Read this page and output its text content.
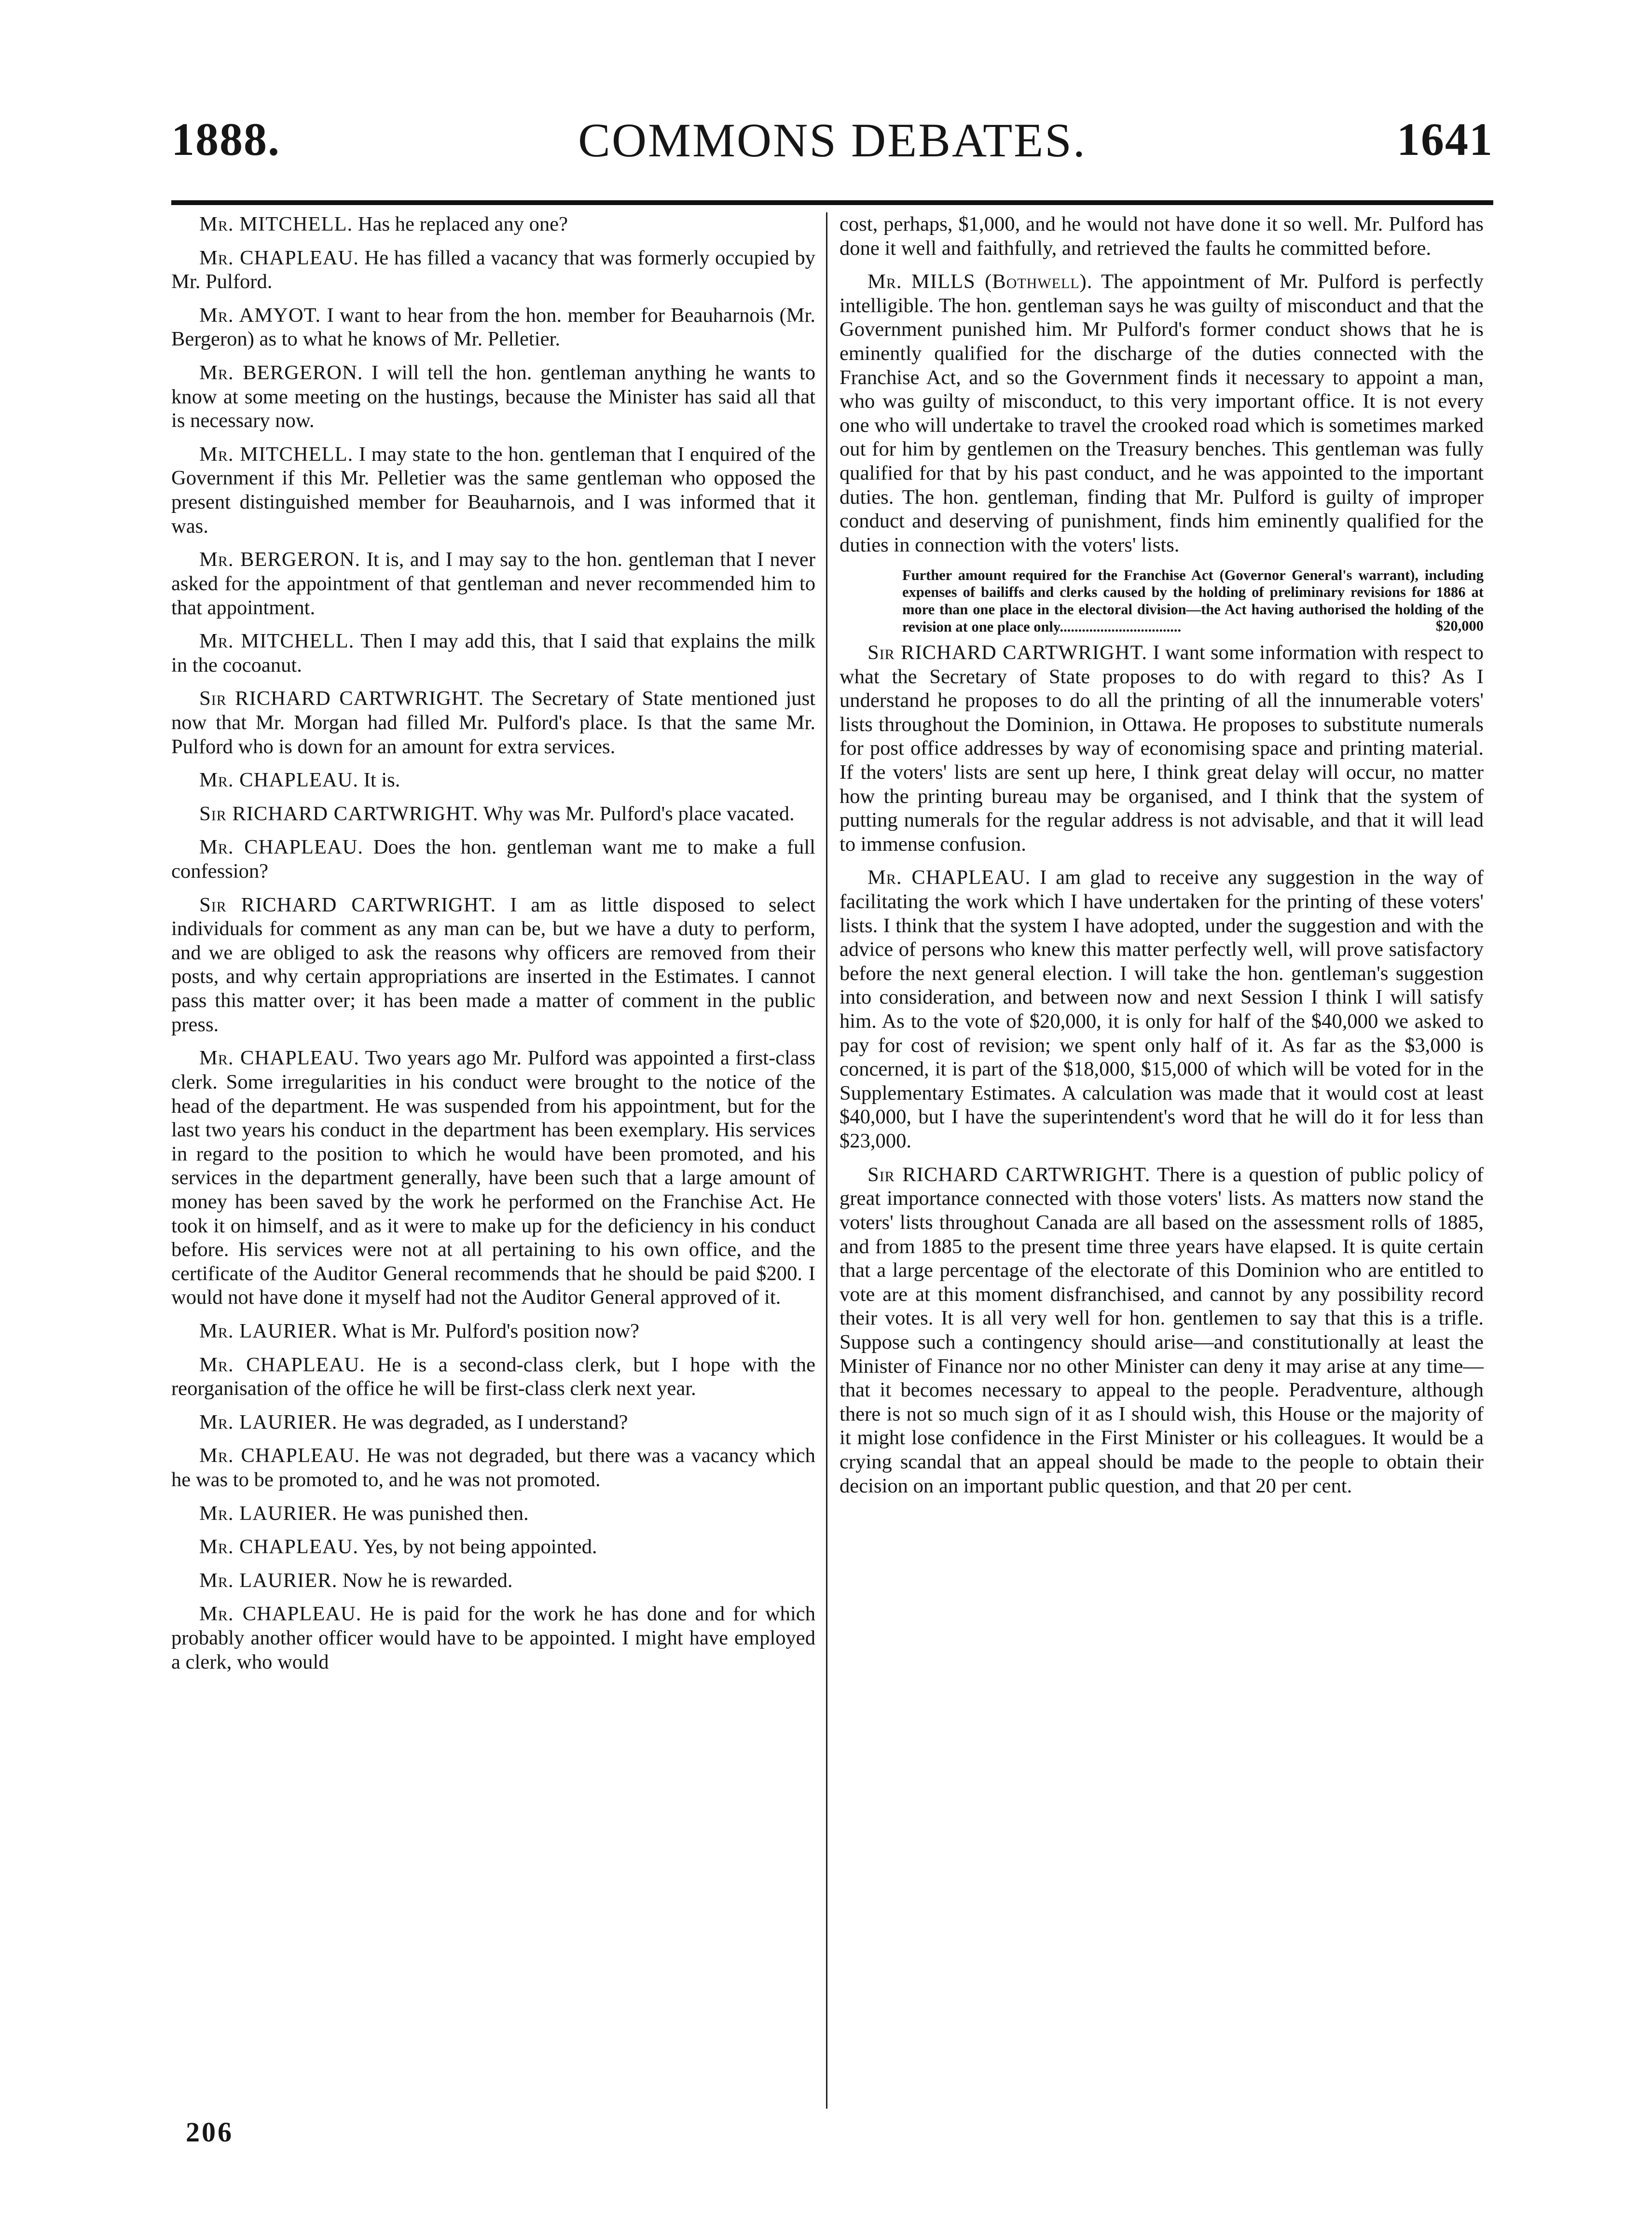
1888.	COMMONS DEBATES.	1641

Mr. MITCHELL. Has he replaced any one?

Mr. CHAPLEAU. He has filled a vacancy that was formerly occupied by Mr. Pulford.

Mr. AMYOT. I want to hear from the hon. member for Beauharnois (Mr. Bergeron) as to what he knows of Mr. Pelletier.

Mr. BERGERON. I will tell the hon. gentleman anything he wants to know at some meeting on the hustings, because the Minister has said all that is necessary now.

Mr. MITCHELL. I may state to the hon. gentleman that I enquired of the Government if this Mr. Pelletier was the same gentleman who opposed the present distinguished member for Beauharnois, and I was informed that it was.

Mr. BERGERON. It is, and I may say to the hon. gentleman that I never asked for the appointment of that gentleman and never recommended him to that appointment.

Mr. MITCHELL. Then I may add this, that I said that explains the milk in the cocoanut.

Sir RICHARD CARTWRIGHT. The Secretary of State mentioned just now that Mr. Morgan had filled Mr. Pulford's place. Is that the same Mr. Pulford who is down for an amount for extra services.

Mr. CHAPLEAU. It is.

Sir RICHARD CARTWRIGHT. Why was Mr. Pulford's place vacated.

Mr. CHAPLEAU. Does the hon. gentleman want me to make a full confession?

Sir RICHARD CARTWRIGHT. I am as little disposed to select individuals for comment as any man can be, but we have a duty to perform, and we are obliged to ask the reasons why officers are removed from their posts, and why certain appropriations are inserted in the Estimates. I cannot pass this matter over; it has been made a matter of comment in the public press.

Mr. CHAPLEAU. Two years ago Mr. Pulford was appointed a first-class clerk. Some irregularities in his conduct were brought to the notice of the head of the department. He was suspended from his appointment, but for the last two years his conduct in the department has been exemplary. His services in regard to the position to which he would have been promoted, and his services in the department generally, have been such that a large amount of money has been saved by the work he performed on the Franchise Act. He took it on himself, and as it were to make up for the deficiency in his conduct before. His services were not at all pertaining to his own office, and the certificate of the Auditor General recommends that he should be paid $200. I would not have done it myself had not the Auditor General approved of it.

Mr. LAURIER. What is Mr. Pulford's position now?

Mr. CHAPLEAU. He is a second-class clerk, but I hope with the reorganisation of the office he will be first-class clerk next year.

Mr. LAURIER. He was degraded, as I understand?

Mr. CHAPLEAU. He was not degraded, but there was a vacancy which he was to be promoted to, and he was not promoted.

Mr. LAURIER. He was punished then.

Mr. CHAPLEAU. Yes, by not being appointed.

Mr. LAURIER. Now he is rewarded.

Mr. CHAPLEAU. He is paid for the work he has done and for which probably another officer would have to be appointed. I might have employed a clerk, who would

cost, perhaps, $1,000, and he would not have done it so well. Mr. Pulford has done it well and faithfully, and retrieved the faults he committed before.

Mr. MILLS (Bothwell). The appointment of Mr. Pulford is perfectly intelligible. The hon. gentleman says he was guilty of misconduct and that the Government punished him. Mr Pulford's former conduct shows that he is eminently qualified for the discharge of the duties connected with the Franchise Act, and so the Government finds it necessary to appoint a man, who was guilty of misconduct, to this very important office. It is not every one who will undertake to travel the crooked road which is sometimes marked out for him by gentlemen on the Treasury benches. This gentleman was fully qualified for that by his past conduct, and he was appointed to the important duties. The hon. gentleman, finding that Mr. Pulford is guilty of improper conduct and deserving of punishment, finds him eminently qualified for the duties in connection with the voters' lists.

Further amount required for the Franchise Act (Governor General's warrant), including expenses of bailiffs and clerks caused by the holding of preliminary revisions for 1886 at more than one place in the electoral division—the Act having authorised the holding of the revision at one place only.................................	$20,000

Sir RICHARD CARTWRIGHT. I want some information with respect to what the Secretary of State proposes to do with regard to this? As I understand he proposes to do all the printing of all the innumerable voters' lists throughout the Dominion, in Ottawa. He proposes to substitute numerals for post office addresses by way of economising space and printing material. If the voters' lists are sent up here, I think great delay will occur, no matter how the printing bureau may be organised, and I think that the system of putting numerals for the regular address is not advisable, and that it will lead to immense confusion.

Mr. CHAPLEAU. I am glad to receive any suggestion in the way of facilitating the work which I have undertaken for the printing of these voters' lists. I think that the system I have adopted, under the suggestion and with the advice of persons who knew this matter perfectly well, will prove satisfactory before the next general election. I will take the hon. gentleman's suggestion into consideration, and between now and next Session I think I will satisfy him. As to the vote of $20,000, it is only for half of the $40,000 we asked to pay for cost of revision; we spent only half of it. As far as the $3,000 is concerned, it is part of the $18,000, $15,000 of which will be voted for in the Supplementary Estimates. A calculation was made that it would cost at least $40,000, but I have the superintendent's word that he will do it for less than $23,000.

Sir RICHARD CARTWRIGHT. There is a question of public policy of great importance connected with those voters' lists. As matters now stand the voters' lists throughout Canada are all based on the assessment rolls of 1885, and from 1885 to the present time three years have elapsed. It is quite certain that a large percentage of the electorate of this Dominion who are entitled to vote are at this moment disfranchised, and cannot by any possibility record their votes. It is all very well for hon. gentlemen to say that this is a trifle. Suppose such a contingency should arise—and constitutionally at least the Minister of Finance nor no other Minister can deny it may arise at any time—that it becomes necessary to appeal to the people. Peradventure, although there is not so much sign of it as I should wish, this House or the majority of it might lose confidence in the First Minister or his colleagues. It would be a crying scandal that an appeal should be made to the people to obtain their decision on an important public question, and that 20 per cent.

206
